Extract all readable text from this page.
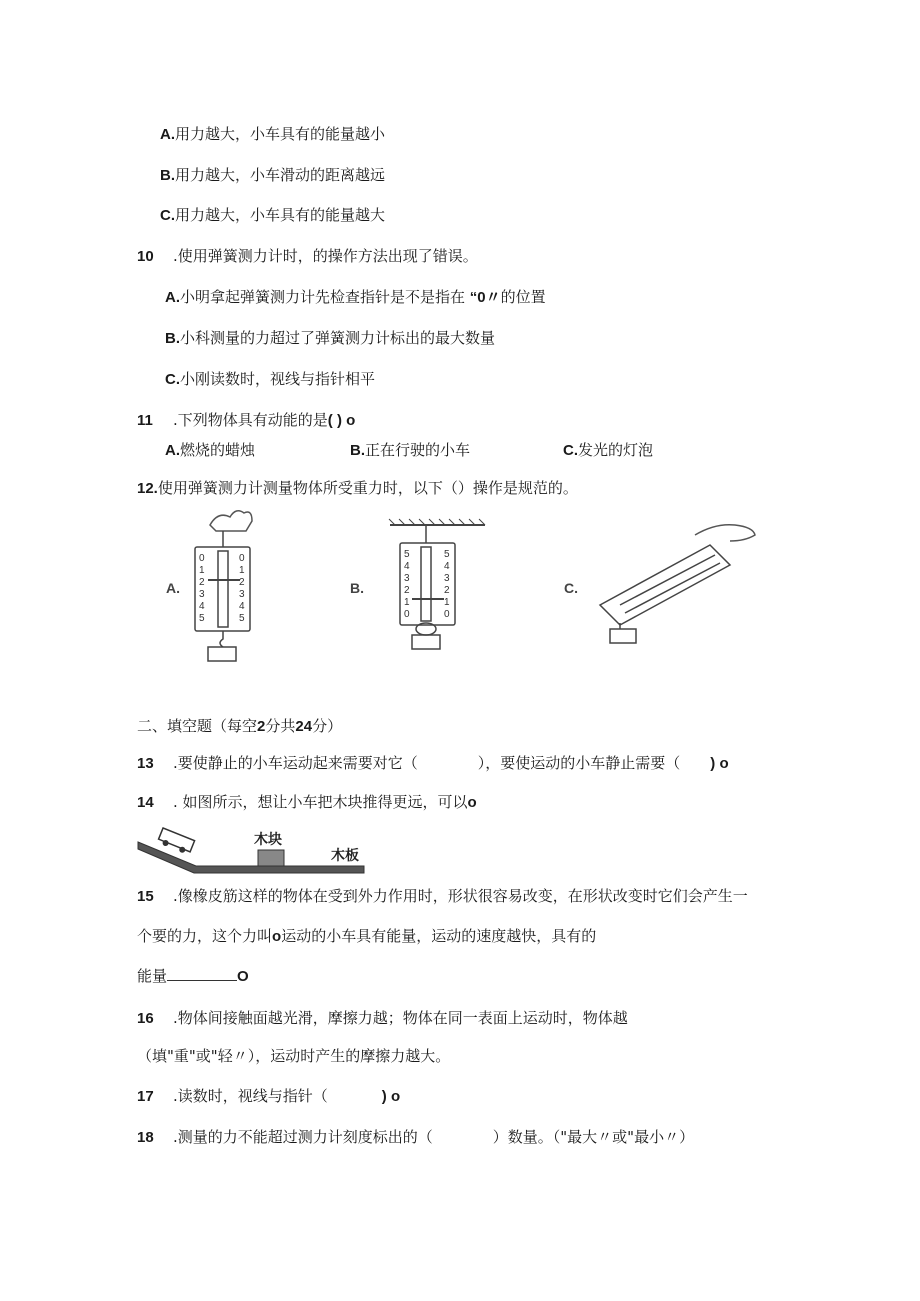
A.用力越大，小车具有的能量越小
B.用力越大，小车滑动的距离越远
C.用力越大，小车具有的能量越大
10 .使用弹簧测力计时，的操作方法出现了错误。
A.小明拿起弹簧测力计先检查指针是不是指在 “0〃的位置
B.小科测量的力超过了弹簧测力计标出的最大数量
C.小刚读数时，视线与指针相平
11 .下列物体具有动能的是( ) o
A.燃烧的蜡烛	B.正在行驶的小车	C.发光的灯泡
12.使用弹簧测力计测量物体所受重力时，以下（）操作是规范的。
0
1
2
3
4
5
0
1
2
3
4
5
5
4
3
2
1
0
5
4
3
2
1
0
A.	B.	C.
二、填空题（每空2分共24分）
13 .要使静止的小车运动起来需要对它（	），要使运动的小车静止需要（ ) o
14 . 如图所示，想让小车把木块推得更远，可以o
木块
木板
15 .像橡皮筋这样的物体在受到外力作用时，形状很容易改变，在形状改变时它们会产生一
个要的力，这个力叫o运动的小车具有能量，运动的速度越快，具有的
能量	O
16 .物体间接触面越光滑，摩擦力越；物体在同一表面上运动时，物体越
（填"重"或"轻〃），运动时产生的摩擦力越大。
17 .读数时，视线与指针（	) o
18 .测量的力不能超过测力计刻度标出的（	）数量。（"最大〃或"最小〃）
